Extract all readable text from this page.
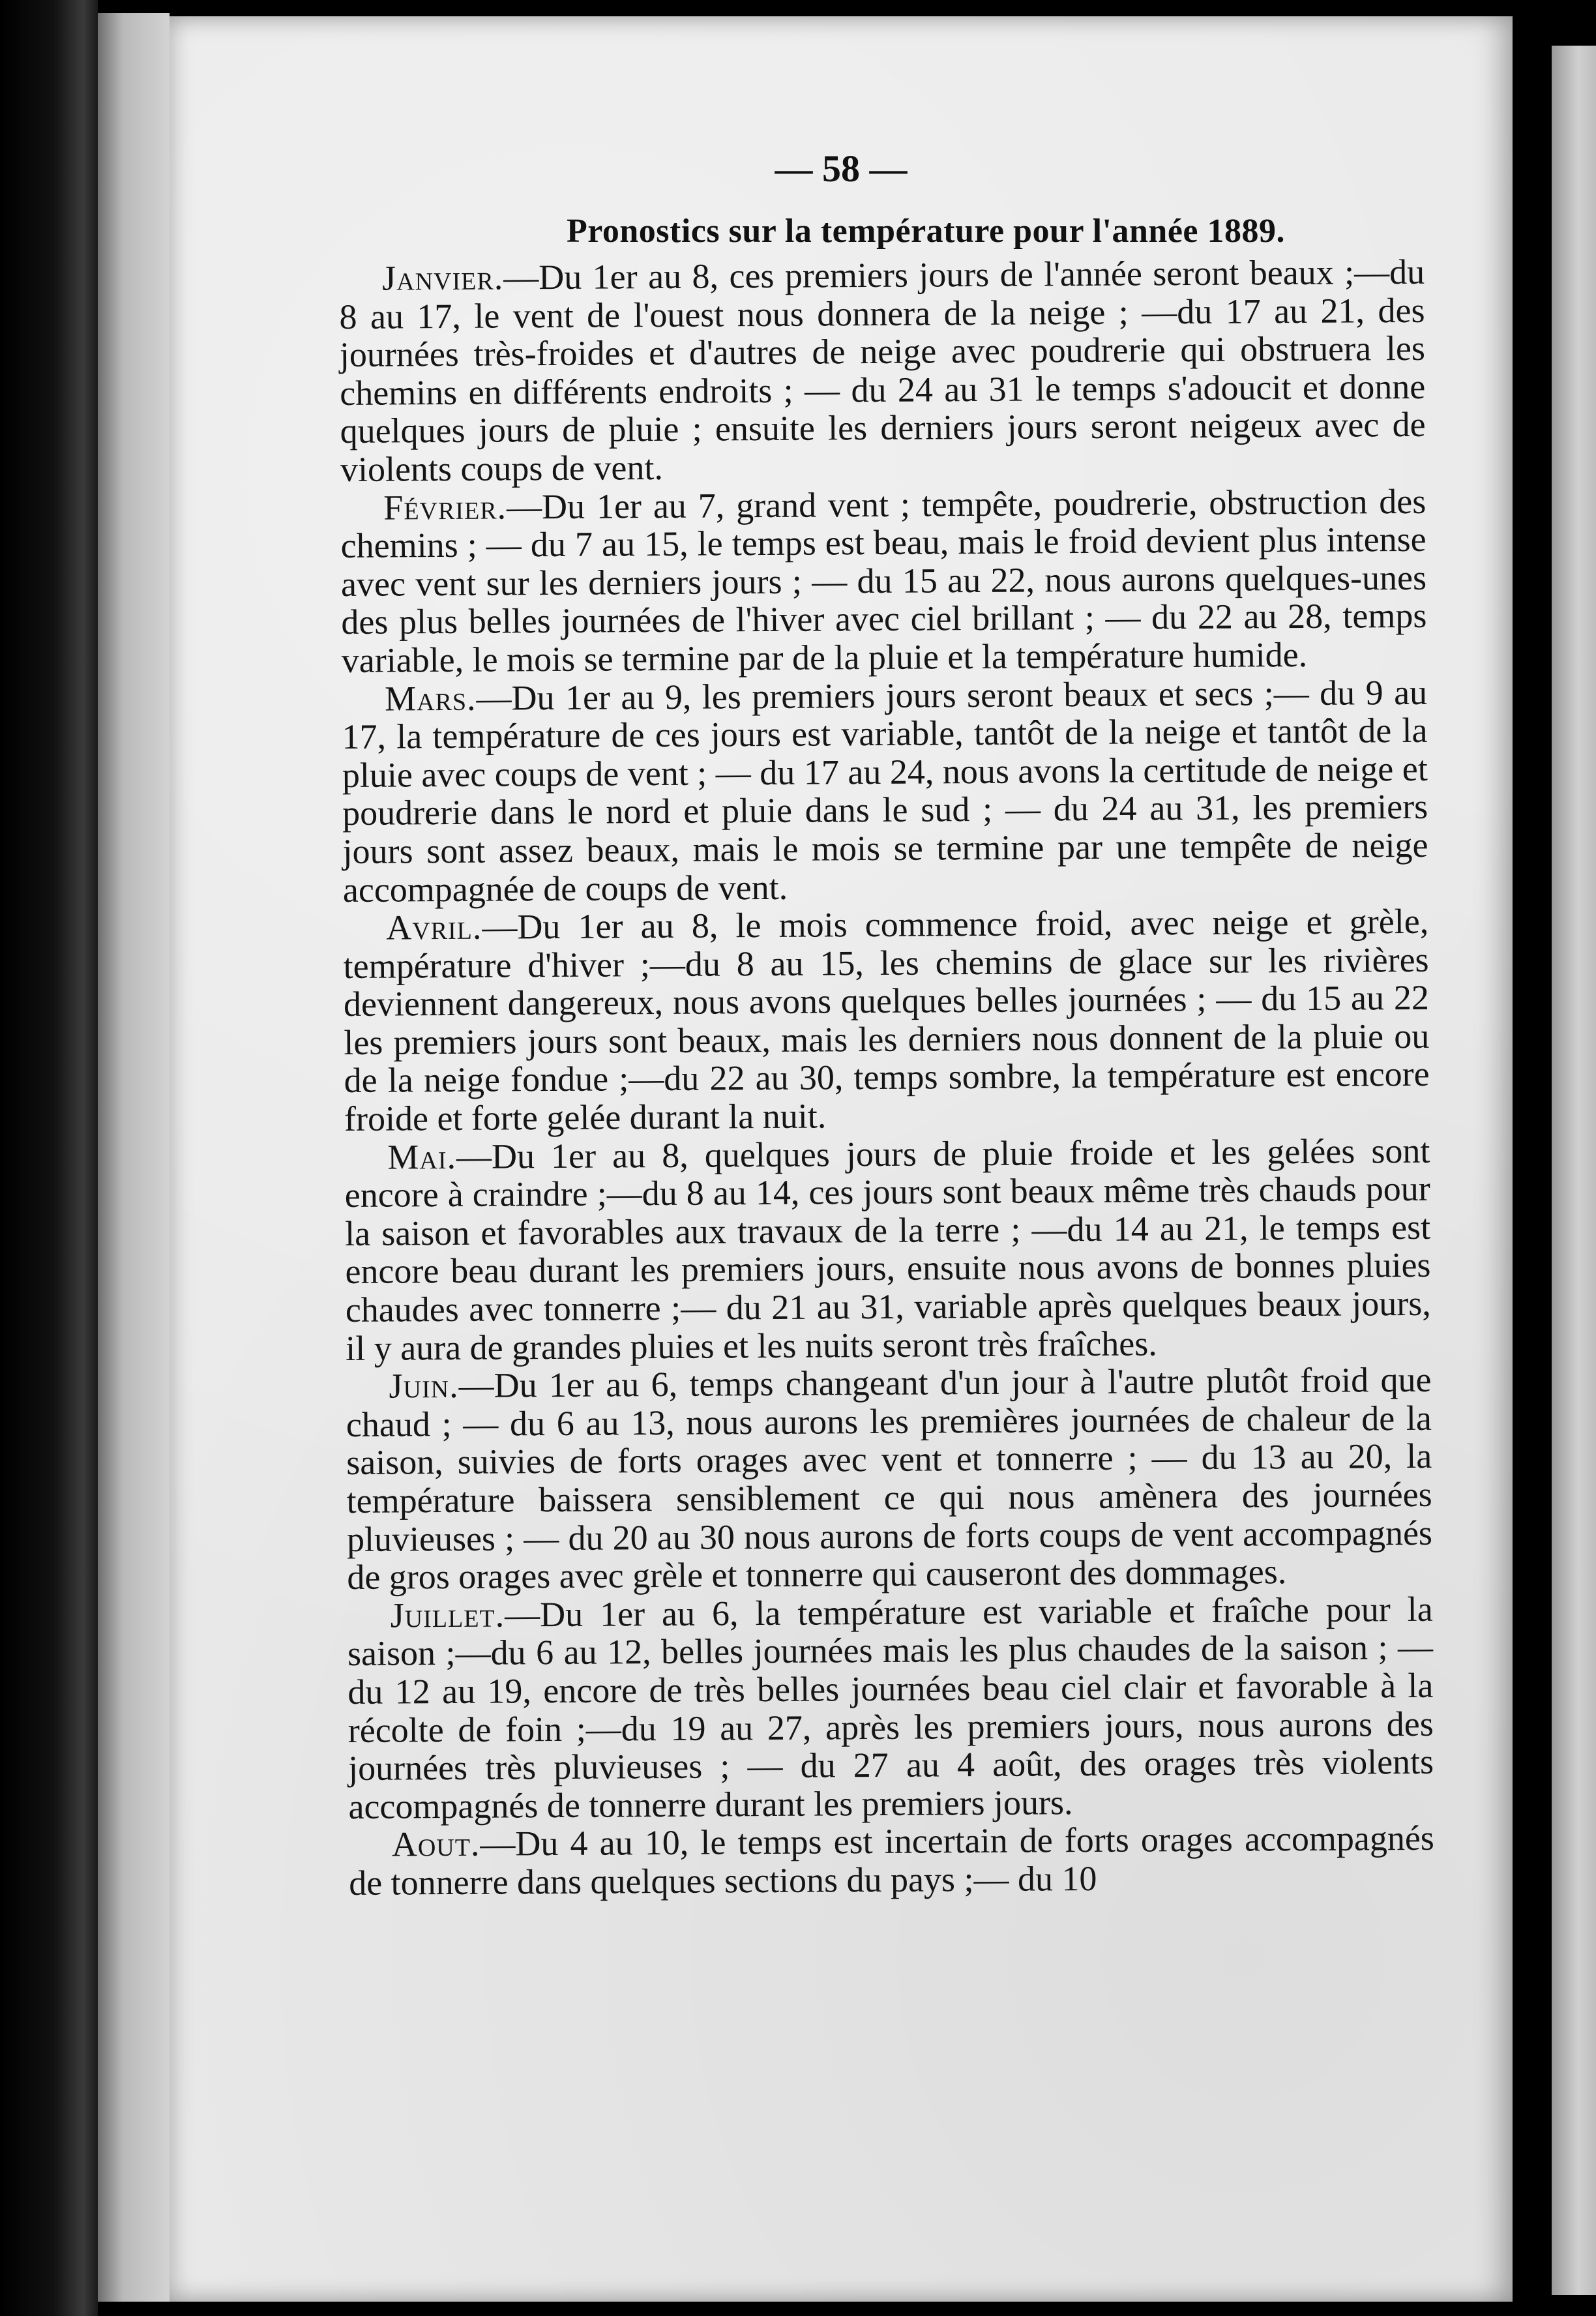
— 58 —
Pronostics sur la température pour l'année 1889.

Janvier.—Du 1er au 8, ces premiers jours de l'année seront beaux ;—du 8 au 17, le vent de l'ouest nous donnera de la neige ; —du 17 au 21, des journées très-froides et d'autres de neige avec poudrerie qui obstruera les chemins en différents endroits ; — du 24 au 31 le temps s'adoucit et donne quelques jours de pluie ; ensuite les derniers jours seront neigeux avec de violents coups de vent.

Février.—Du 1er au 7, grand vent ; tempête, poudrerie, obstruction des chemins ; — du 7 au 15, le temps est beau, mais le froid devient plus intense avec vent sur les derniers jours ; — du 15 au 22, nous aurons quelques-unes des plus belles journées de l'hiver avec ciel brillant ; — du 22 au 28, temps variable, le mois se termine par de la pluie et la température humide.

Mars.—Du 1er au 9, les premiers jours seront beaux et secs ;— du 9 au 17, la température de ces jours est variable, tantôt de la neige et tantôt de la pluie avec coups de vent ; — du 17 au 24, nous avons la certitude de neige et poudrerie dans le nord et pluie dans le sud ; — du 24 au 31, les premiers jours sont assez beaux, mais le mois se termine par une tempête de neige accompagnée de coups de vent.

Avril.—Du 1er au 8, le mois commence froid, avec neige et grèle, température d'hiver ;—du 8 au 15, les chemins de glace sur les rivières deviennent dangereux, nous avons quelques belles journées ; — du 15 au 22 les premiers jours sont beaux, mais les derniers nous donnent de la pluie ou de la neige fondue ;—du 22 au 30, temps sombre, la température est encore froide et forte gelée durant la nuit.

Mai.—Du 1er au 8, quelques jours de pluie froide et les gelées sont encore à craindre ;—du 8 au 14, ces jours sont beaux même très chauds pour la saison et favorables aux travaux de la terre ; —du 14 au 21, le temps est encore beau durant les premiers jours, ensuite nous avons de bonnes pluies chaudes avec tonnerre ;— du 21 au 31, variable après quelques beaux jours, il y aura de grandes pluies et les nuits seront très fraîches.

Juin.—Du 1er au 6, temps changeant d'un jour à l'autre plutôt froid que chaud ; — du 6 au 13, nous aurons les premières journées de chaleur de la saison, suivies de forts orages avec vent et tonnerre ; — du 13 au 20, la température baissera sensiblement ce qui nous amènera des journées pluvieuses ; — du 20 au 30 nous aurons de forts coups de vent accompagnés de gros orages avec grèle et tonnerre qui causeront des dommages.

Juillet.—Du 1er au 6, la température est variable et fraîche pour la saison ;—du 6 au 12, belles journées mais les plus chaudes de la saison ; — du 12 au 19, encore de très belles journées beau ciel clair et favorable à la récolte de foin ;—du 19 au 27, après les premiers jours, nous aurons des journées très pluvieuses ; — du 27 au 4 août, des orages très violents accompagnés de tonnerre durant les premiers jours.

Aout.—Du 4 au 10, le temps est incertain de forts orages accompagnés de tonnerre dans quelques sections du pays ;— du 10
